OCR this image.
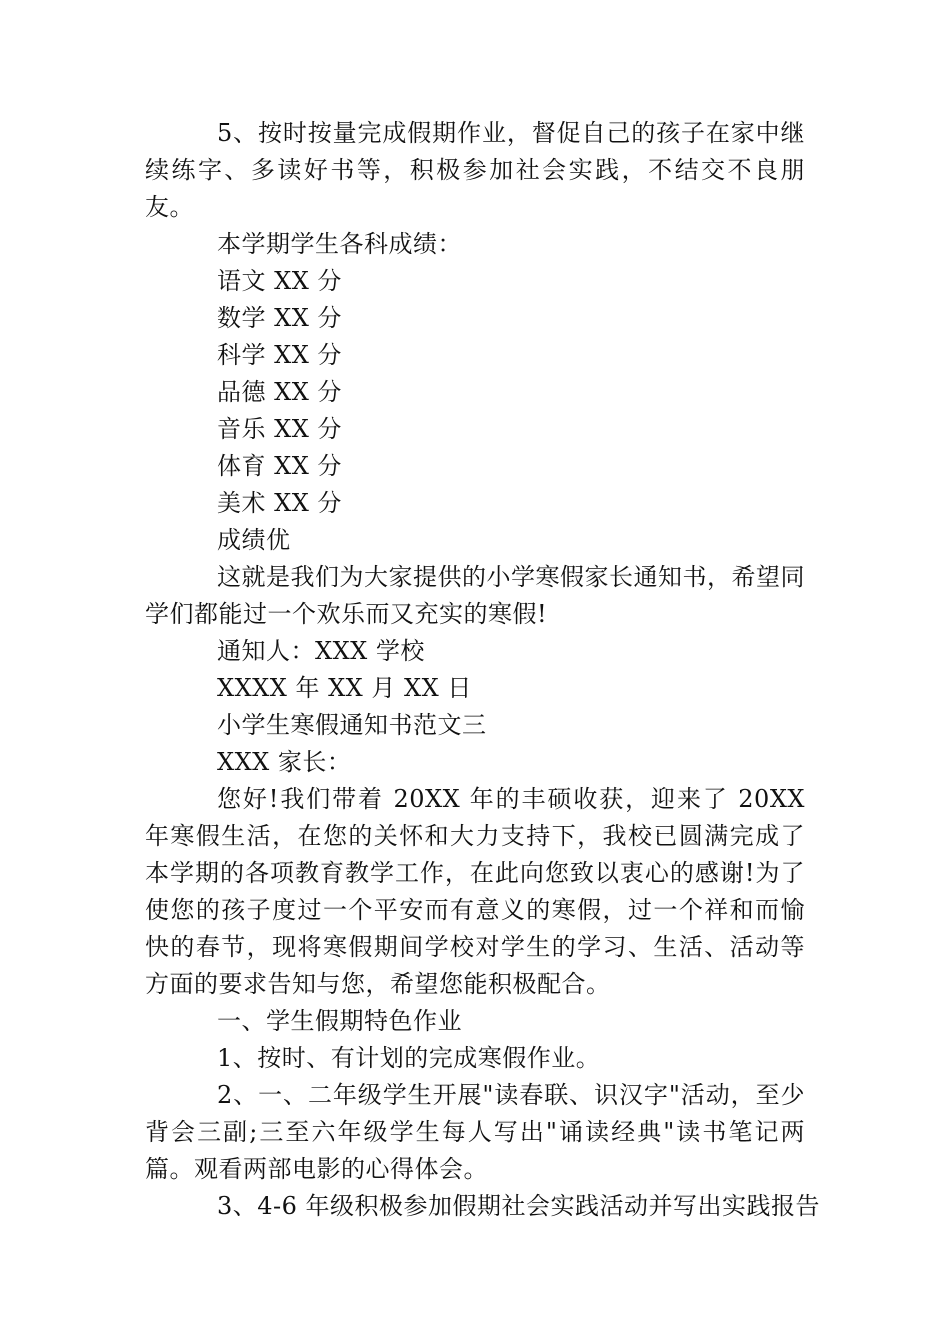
5、按时按量完成假期作业，督促自己的孩子在家中继续练字、多读好书等，积极参加社会实践，不结交不良朋友。

本学期学生各科成绩：

语文 XX 分

数学 XX 分

科学 XX 分

品德 XX 分

音乐 XX 分

体育 XX 分

美术 XX 分

成绩优

这就是我们为大家提供的小学寒假家长通知书，希望同学们都能过一个欢乐而又充实的寒假!

通知人：XXX 学校

XXXX 年 XX 月 XX 日

小学生寒假通知书范文三

XXX 家长：

您好!我们带着 20XX 年的丰硕收获，迎来了 20XX 年寒假生活，在您的关怀和大力支持下，我校已圆满完成了本学期的各项教育教学工作，在此向您致以衷心的感谢!为了使您的孩子度过一个平安而有意义的寒假，过一个祥和而愉快的春节，现将寒假期间学校对学生的学习、生活、活动等方面的要求告知与您，希望您能积极配合。

一、学生假期特色作业

1、按时、有计划的完成寒假作业。

2、一、二年级学生开展"读春联、识汉字"活动，至少背会三副;三至六年级学生每人写出"诵读经典"读书笔记两篇。观看两部电影的心得体会。

3、4-6 年级积极参加假期社会实践活动并写出实践报告
